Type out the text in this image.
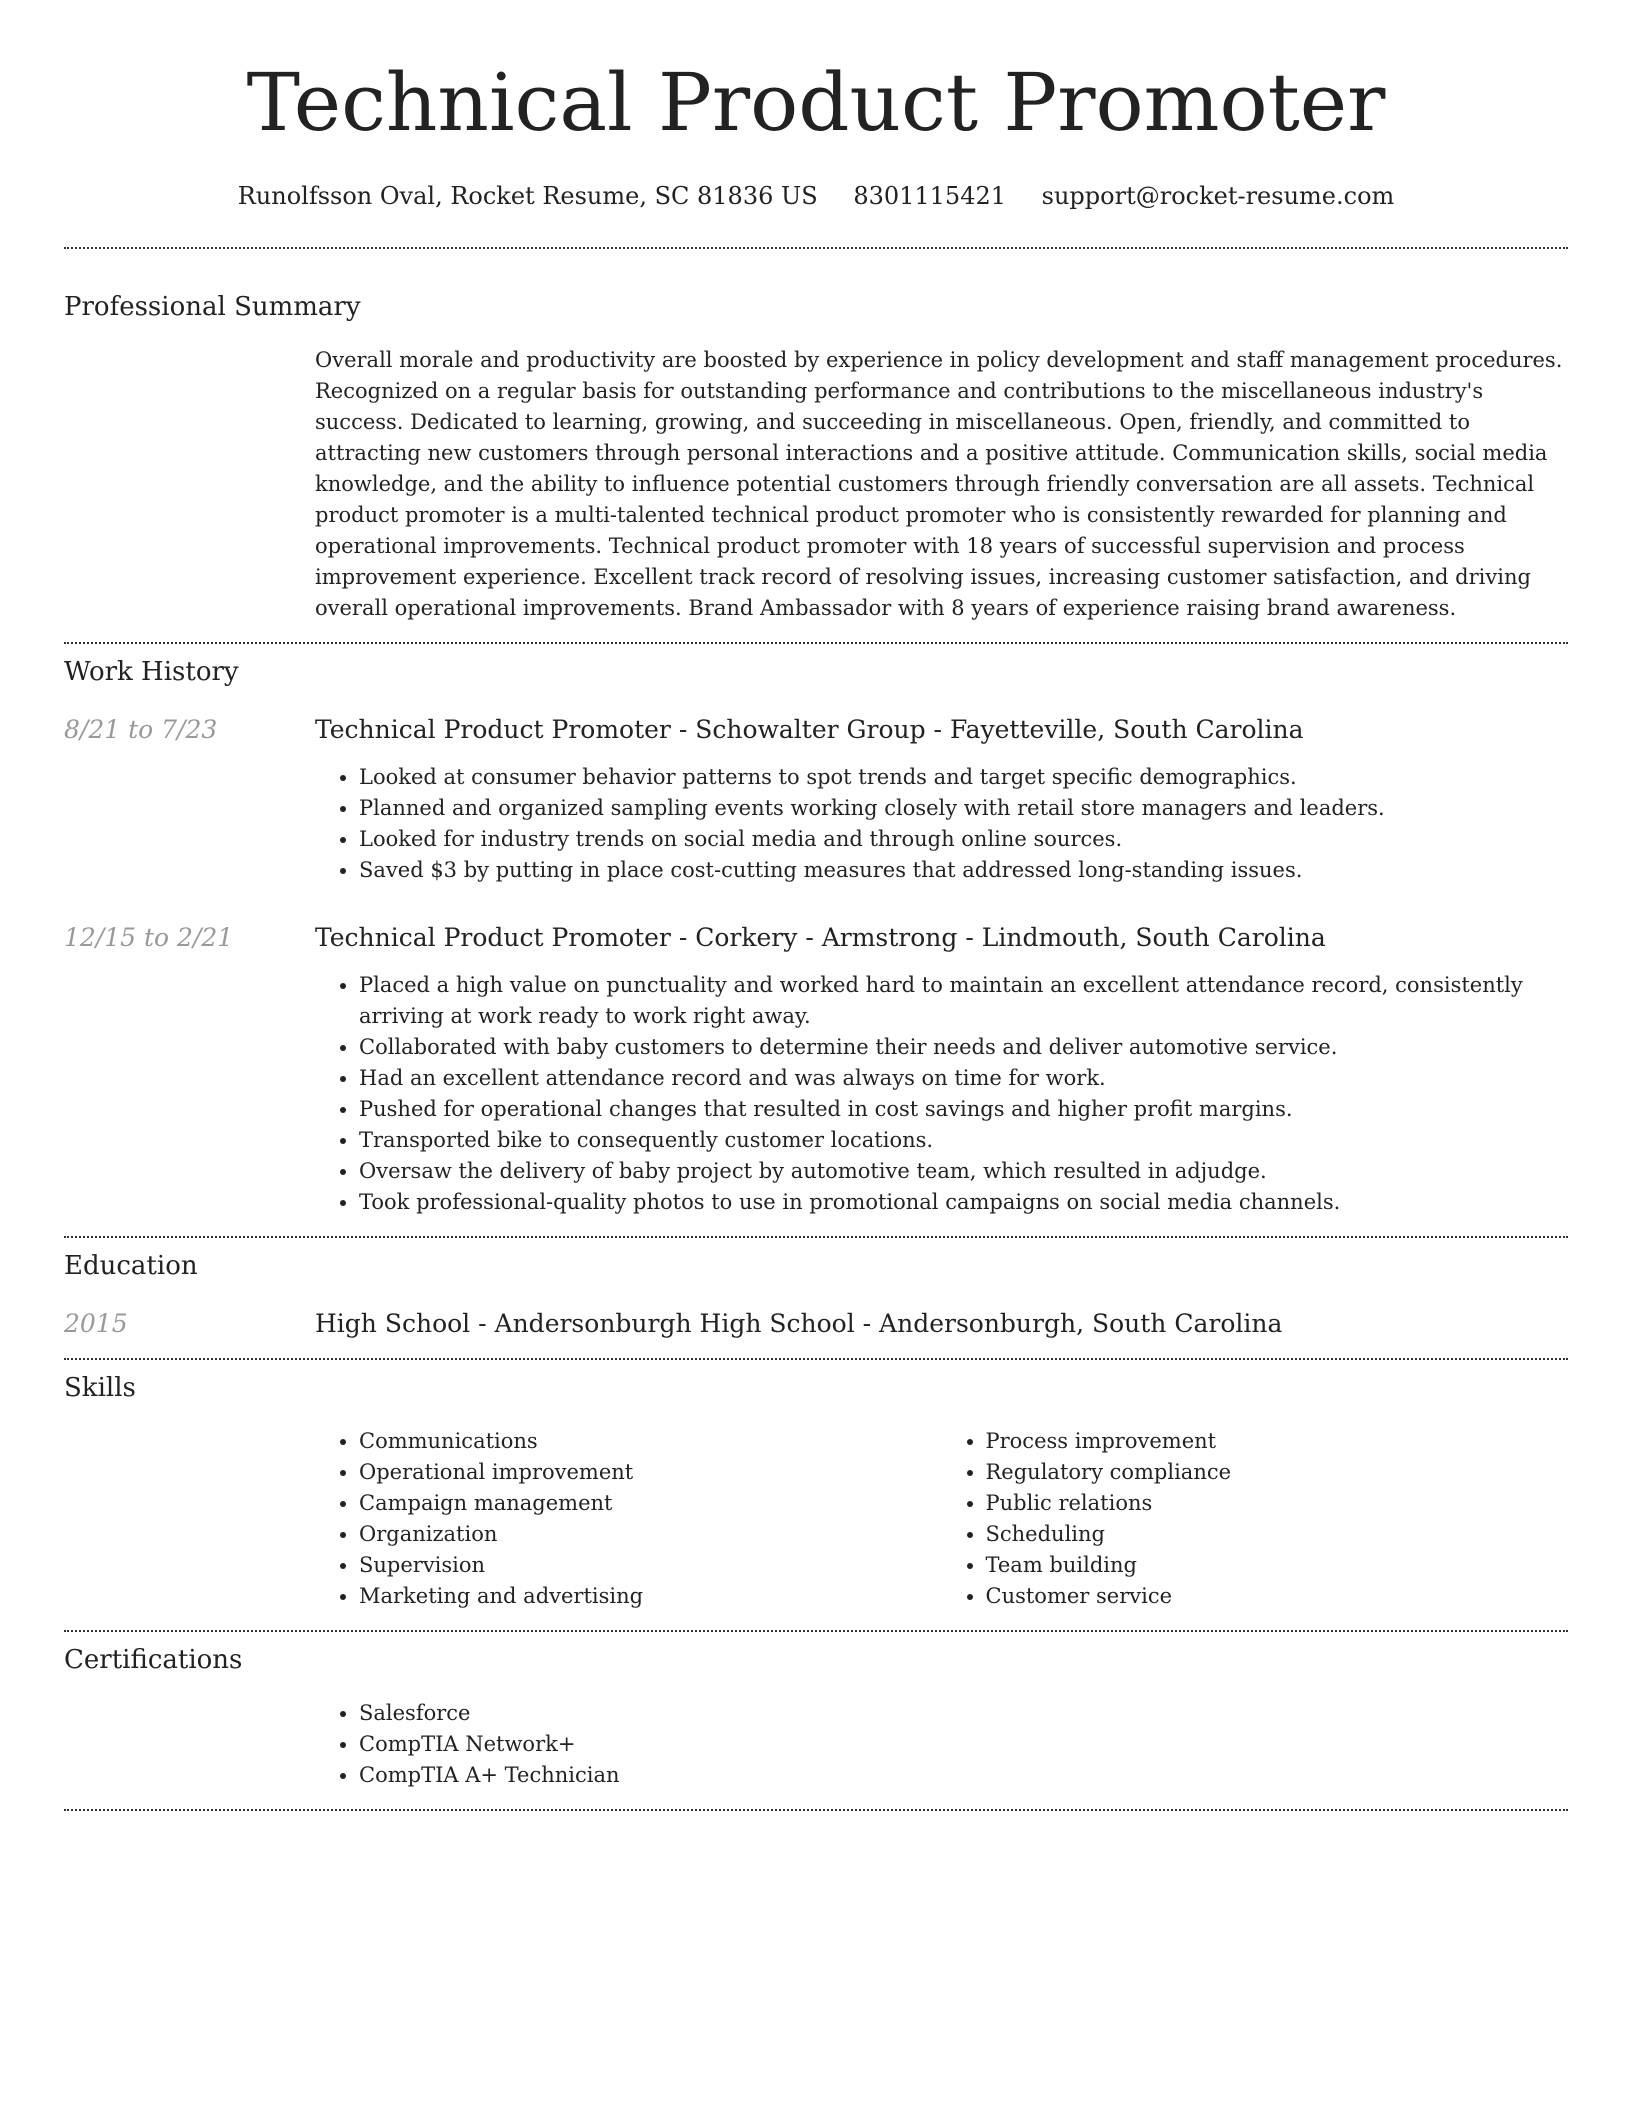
Technical Product Promoter
Runolfsson Oval, Rocket Resume, SC 81836 US 8301115421 support@rocket-resume.com
Professional Summary
Overall morale and productivity are boosted by experience in policy development and staff management procedures. Recognized on a regular basis for outstanding performance and contributions to the miscellaneous industry's success. Dedicated to learning, growing, and succeeding in miscellaneous. Open, friendly, and committed to attracting new customers through personal interactions and a positive attitude. Communication skills, social media knowledge, and the ability to influence potential customers through friendly conversation are all assets. Technical product promoter is a multi-talented technical product promoter who is consistently rewarded for planning and operational improvements. Technical product promoter with 18 years of successful supervision and process improvement experience. Excellent track record of resolving issues, increasing customer satisfaction, and driving overall operational improvements. Brand Ambassador with 8 years of experience raising brand awareness.
Work History
8/21 to 7/23	Technical Product Promoter - Schowalter Group - Fayetteville, South Carolina
• Looked at consumer behavior patterns to spot trends and target specific demographics.
• Planned and organized sampling events working closely with retail store managers and leaders.
• Looked for industry trends on social media and through online sources.
• Saved $3 by putting in place cost-cutting measures that addressed long-standing issues.
12/15 to 2/21	Technical Product Promoter - Corkery - Armstrong - Lindmouth, South Carolina
• Placed a high value on punctuality and worked hard to maintain an excellent attendance record, consistently arriving at work ready to work right away.
• Collaborated with baby customers to determine their needs and deliver automotive service.
• Had an excellent attendance record and was always on time for work.
• Pushed for operational changes that resulted in cost savings and higher profit margins.
• Transported bike to consequently customer locations.
• Oversaw the delivery of baby project by automotive team, which resulted in adjudge.
• Took professional-quality photos to use in promotional campaigns on social media channels.
Education
2015	High School - Andersonburgh High School - Andersonburgh, South Carolina
Skills
• Communications
• Operational improvement
• Campaign management
• Organization
• Supervision
• Marketing and advertising
• Process improvement
• Regulatory compliance
• Public relations
• Scheduling
• Team building
• Customer service
Certifications
• Salesforce
• CompTIA Network+
• CompTIA A+ Technician
